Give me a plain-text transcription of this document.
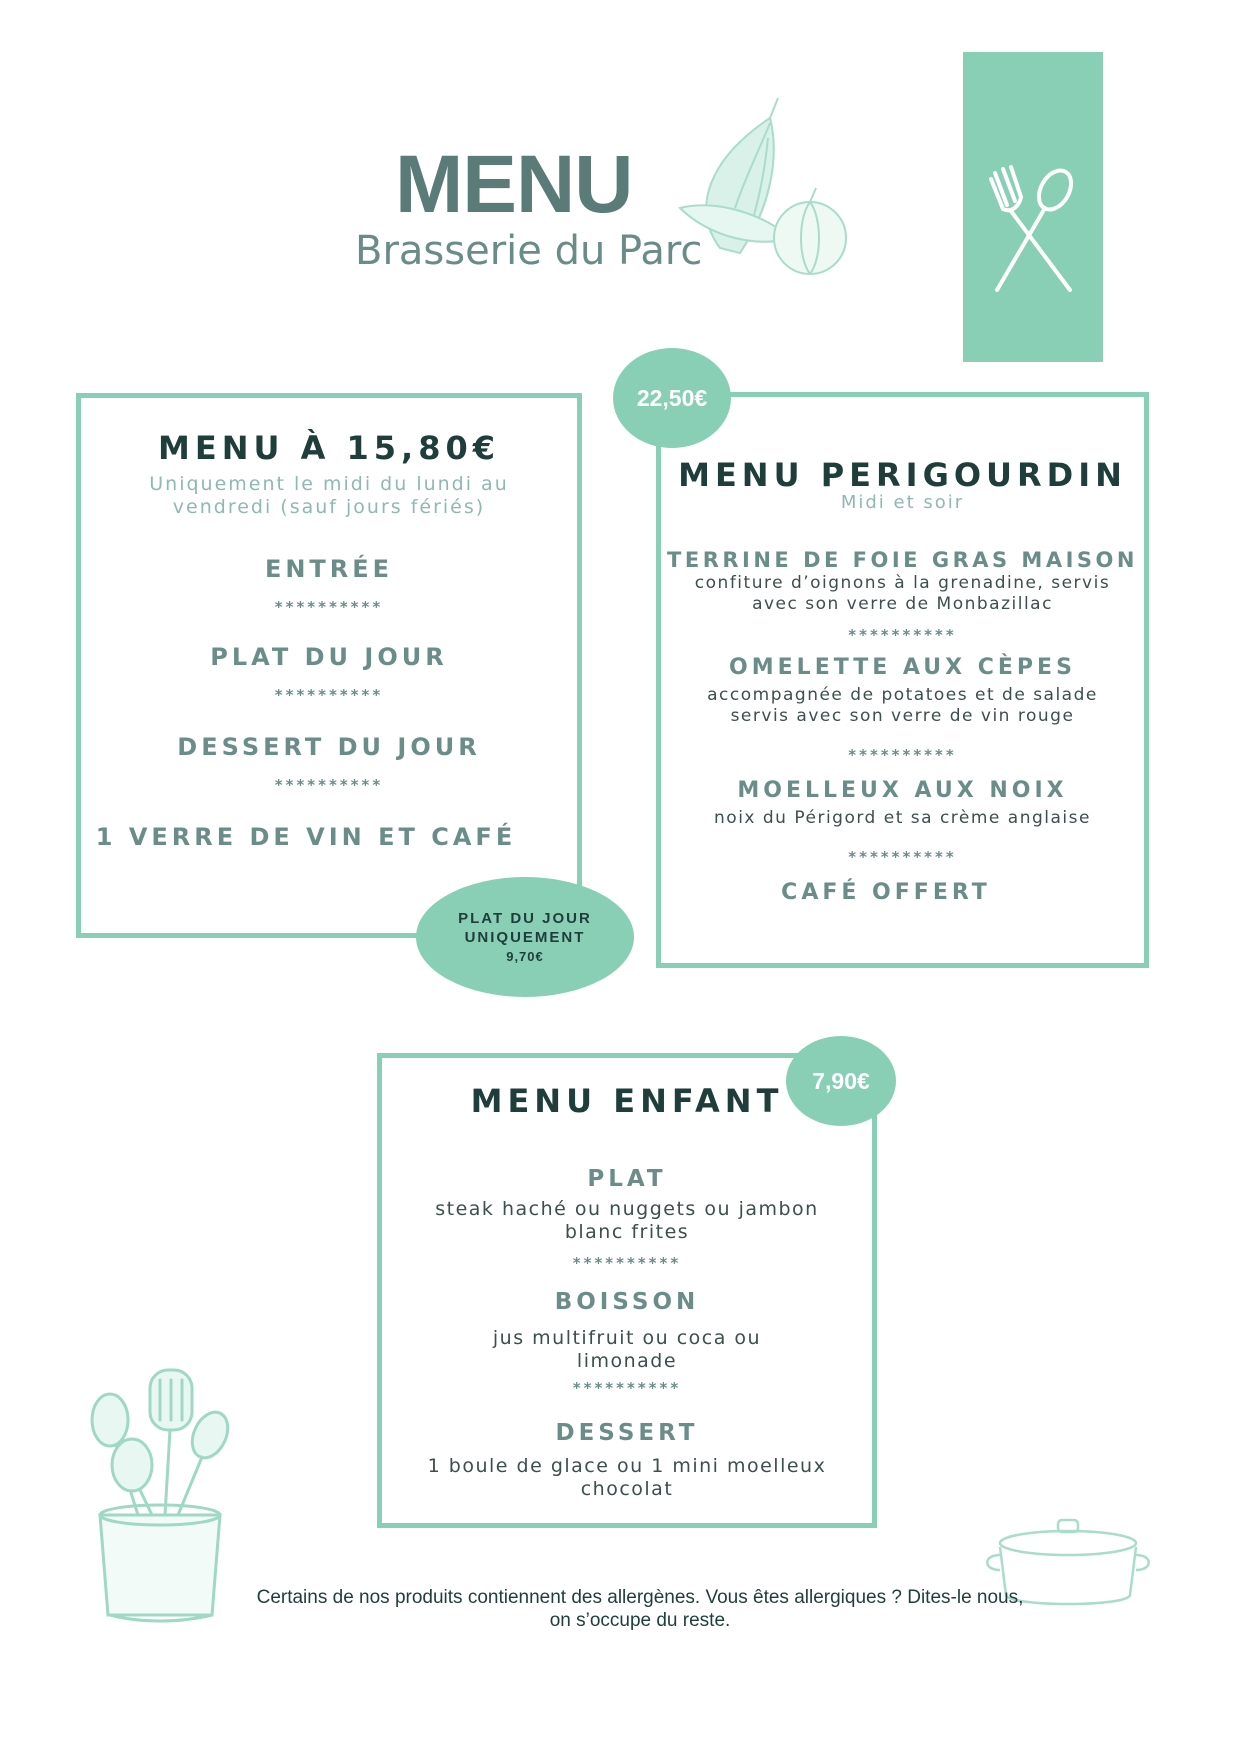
MENU
Brasserie du Parc
MENU À 15,80€
Uniquement le midi du lundi au
vendredi (sauf jours fériés)
ENTRÉE
**********
PLAT DU JOUR
**********
DESSERT DU JOUR
**********
1 VERRE DE VIN ET CAFÉ
PLAT DU JOUR
UNIQUEMENT
9,70€
MENU PERIGOURDIN
Midi et soir
TERRINE DE FOIE GRAS MAISON
confiture d’oignons à la grenadine, servis
avec son verre de Monbazillac
**********
OMELETTE AUX CÈPES
accompagnée de potatoes et de salade
servis avec son verre de vin rouge
**********
MOELLEUX AUX NOIX
noix du Périgord et sa crème anglaise
**********
CAFÉ OFFERT
22,50€
MENU ENFANT
PLAT
steak haché ou nuggets ou jambon
blanc frites
**********
BOISSON
jus multifruit ou coca ou
limonade
**********
DESSERT
1 boule de glace ou 1 mini moelleux
chocolat
7,90€
Certains de nos produits contiennent des allergènes. Vous êtes allergiques ? Dites-le nous,
on s’occupe du reste.
